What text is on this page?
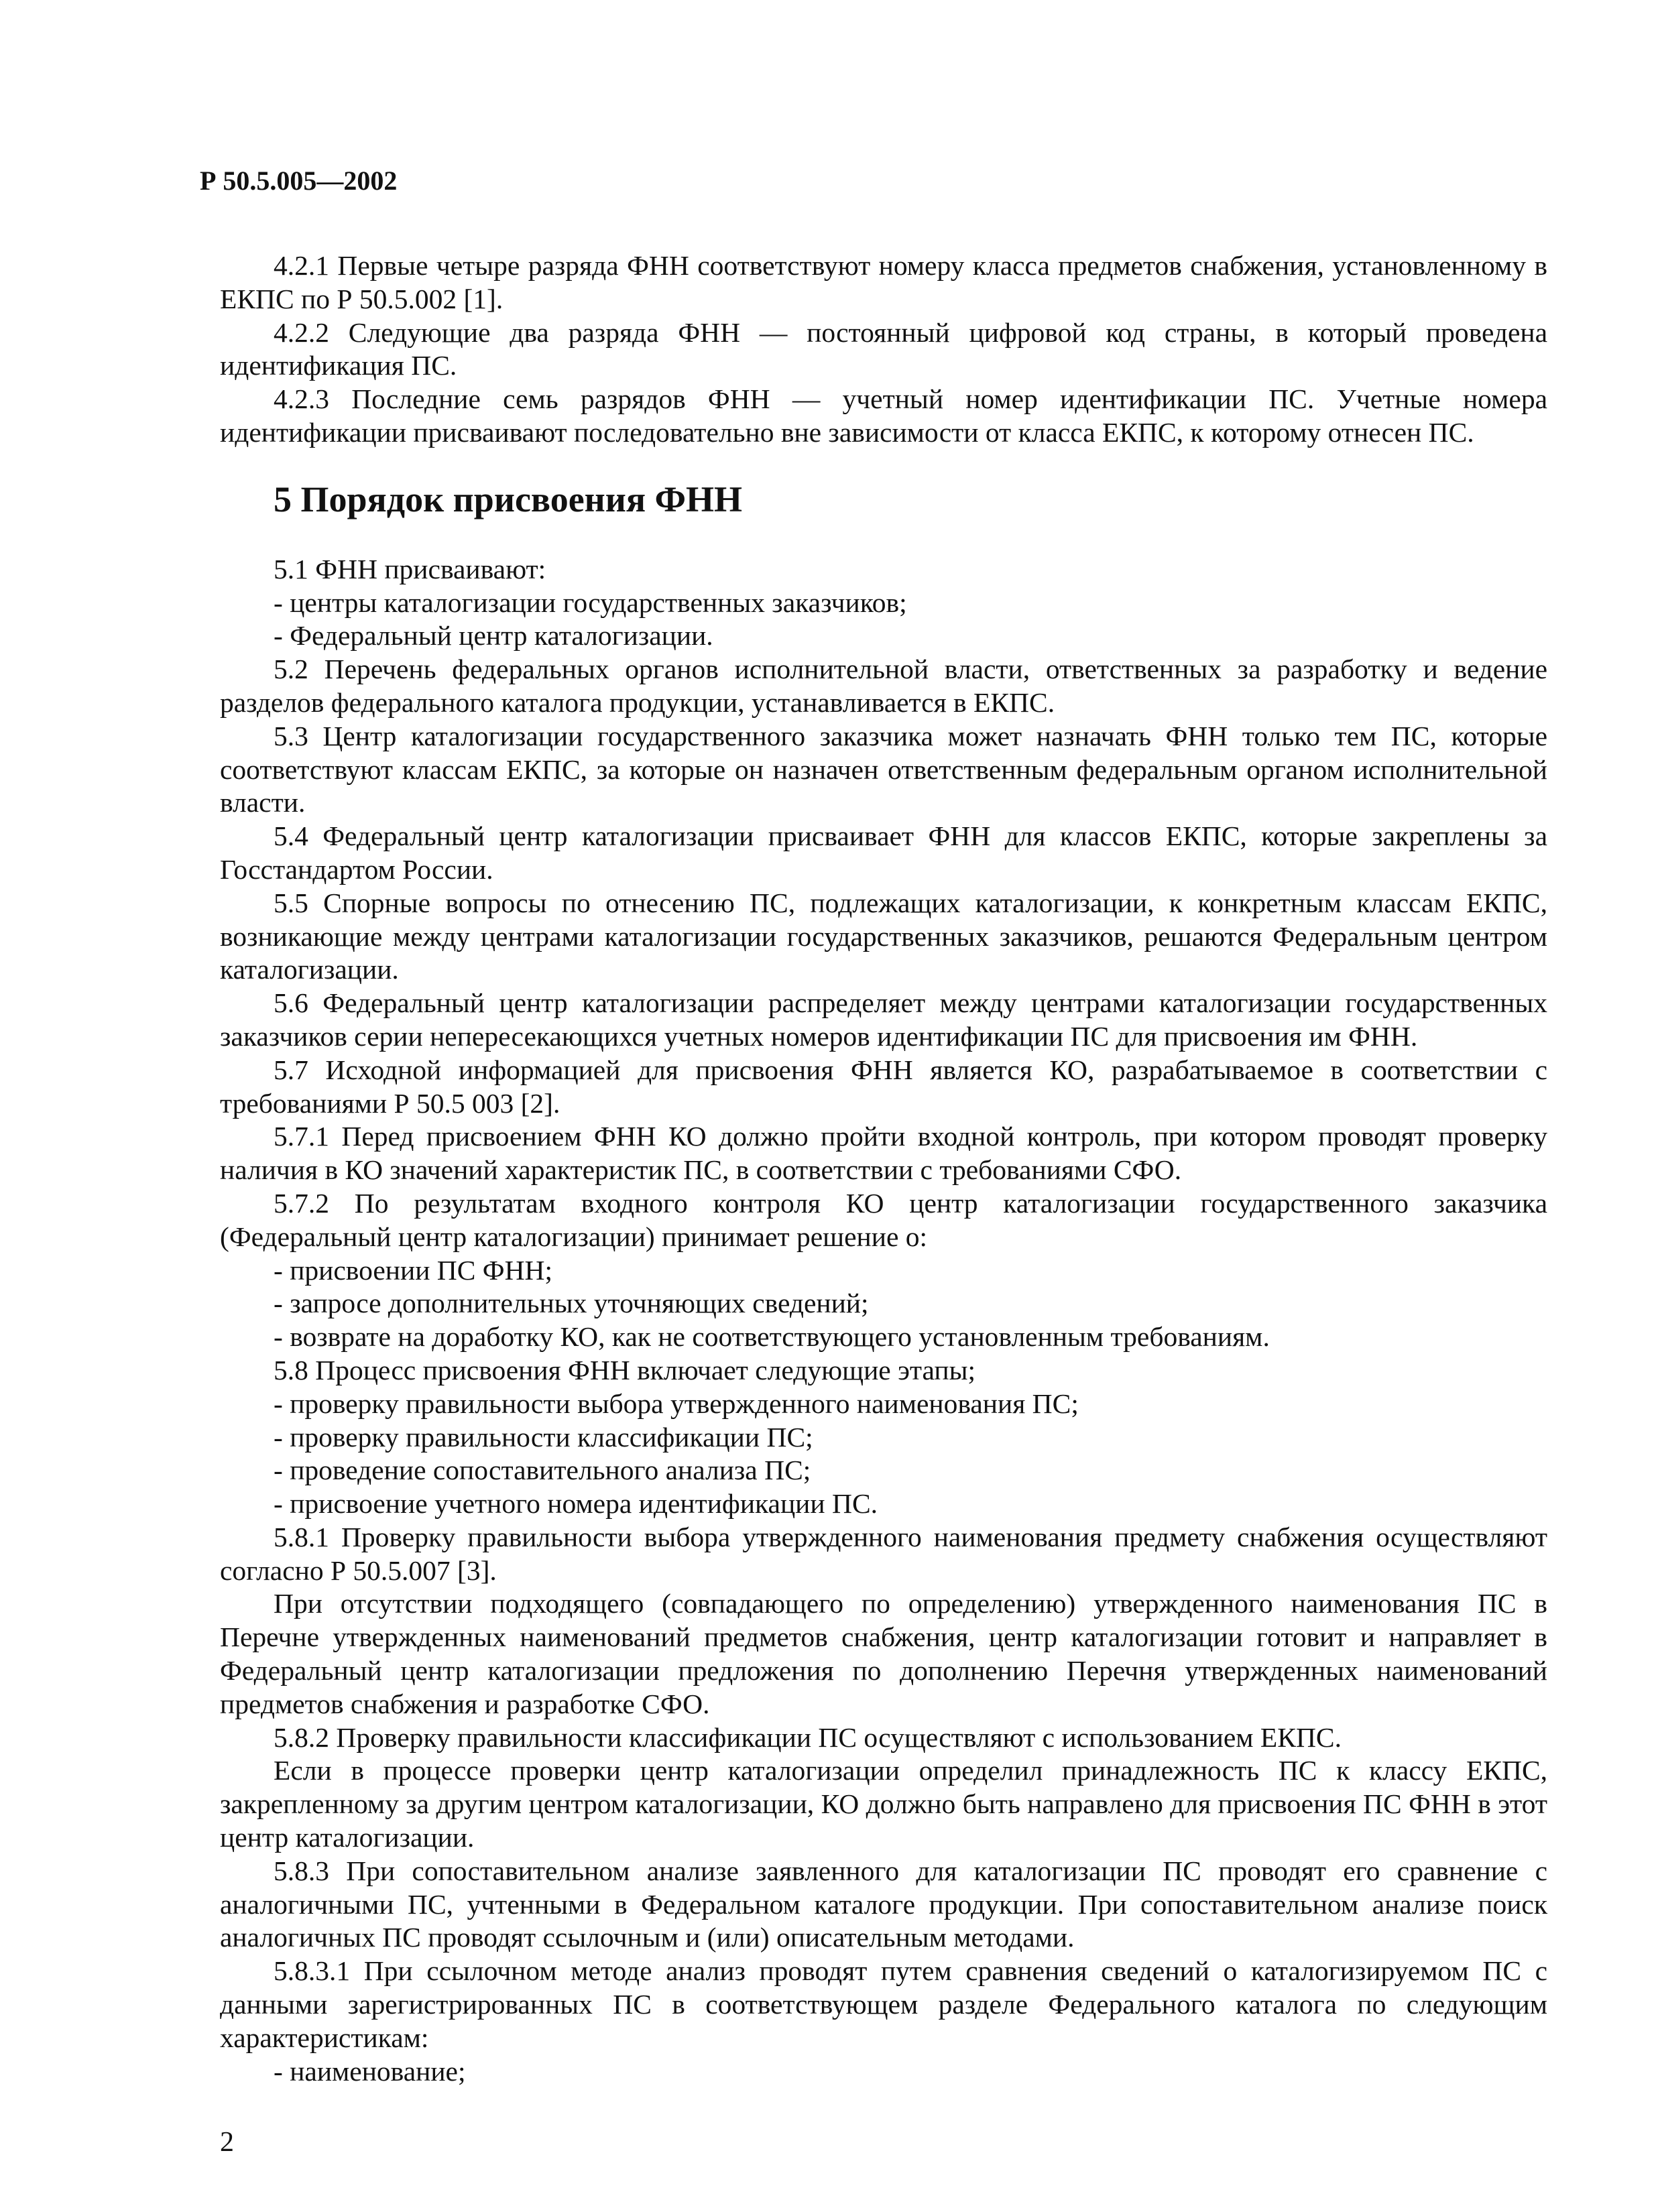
Р 50.5.005—2002

4.2.1 Первые четыре разряда ФНН соответствуют номеру класса предметов снабжения, установленному в ЕКПС по Р 50.5.002 [1].

4.2.2 Следующие два разряда ФНН — постоянный цифровой код страны, в который проведена идентификация ПС.

4.2.3 Последние семь разрядов ФНН — учетный номер идентификации ПС. Учетные номера идентификации присваивают последовательно вне зависимости от класса ЕКПС, к которому отнесен ПС.

5 Порядок присвоения ФНН

5.1 ФНН присваивают:

- центры каталогизации государственных заказчиков;

- Федеральный центр каталогизации.

5.2 Перечень федеральных органов исполнительной власти, ответственных за разработку и ведение разделов федерального каталога продукции, устанавливается в ЕКПС.

5.3 Центр каталогизации государственного заказчика может назначать ФНН только тем ПС, которые соответствуют классам ЕКПС, за которые он назначен ответственным федеральным органом исполнительной власти.

5.4 Федеральный центр каталогизации присваивает ФНН для классов ЕКПС, которые закреплены за Госстандартом России.

5.5 Спорные вопросы по отнесению ПС, подлежащих каталогизации, к конкретным классам ЕКПС, возникающие между центрами каталогизации государственных заказчиков, решаются Федеральным центром каталогизации.

5.6 Федеральный центр каталогизации распределяет между центрами каталогизации государственных заказчиков серии непересекающихся учетных номеров идентификации ПС для присвоения им ФНН.

5.7 Исходной информацией для присвоения ФНН является КО, разрабатываемое в соответствии с требованиями Р 50.5 003 [2].

5.7.1 Перед присвоением ФНН КО должно пройти входной контроль, при котором проводят проверку наличия в КО значений характеристик ПС, в соответствии с требованиями СФО.

5.7.2 По результатам входного контроля КО центр каталогизации государственного заказчика (Федеральный центр каталогизации) принимает решение о:

- присвоении ПС ФНН;

- запросе дополнительных уточняющих сведений;

- возврате на доработку КО, как не соответствующего установленным требованиям.

5.8 Процесс присвоения ФНН включает следующие этапы;

- проверку правильности выбора утвержденного наименования ПС;

- проверку правильности классификации ПС;

- проведение сопоставительного анализа ПС;

- присвоение учетного номера идентификации ПС.

5.8.1 Проверку правильности выбора утвержденного наименования предмету снабжения осуществляют согласно Р 50.5.007 [3].

При отсутствии подходящего (совпадающего по определению) утвержденного наименования ПС в Перечне утвержденных наименований предметов снабжения, центр каталогизации готовит и направляет в Федеральный центр каталогизации предложения по дополнению Перечня утвержденных наименований предметов снабжения и разработке СФО.

5.8.2 Проверку правильности классификации ПС осуществляют с использованием ЕКПС.

Если в процессе проверки центр каталогизации определил принадлежность ПС к классу ЕКПС, закрепленному за другим центром каталогизации, КО должно быть направлено для присвоения ПС ФНН в этот центр каталогизации.

5.8.3 При сопоставительном анализе заявленного для каталогизации ПС проводят его сравнение с аналогичными ПС, учтенными в Федеральном каталоге продукции. При сопоставительном анализе поиск аналогичных ПС проводят ссылочным и (или) описательным методами.

5.8.3.1 При ссылочном методе анализ проводят путем сравнения сведений о каталогизируемом ПС с данными зарегистрированных ПС в соответствующем разделе Федерального каталога по следующим характеристикам:

- наименование;

2
